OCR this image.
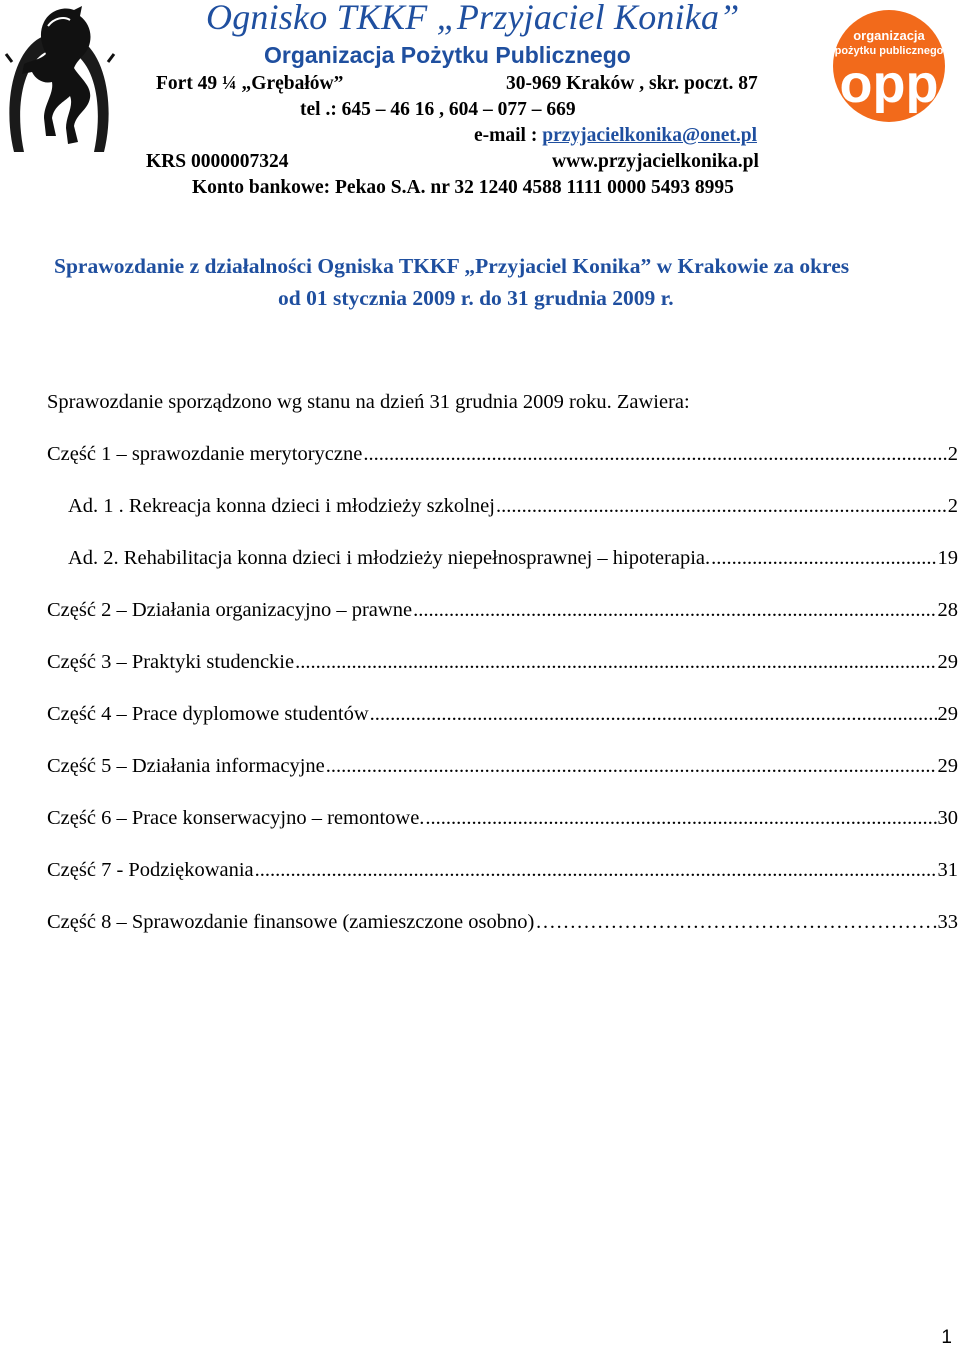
organizacja
pożytku publicznego
opp
Ognisko TKKF „Przyjaciel Konika”
Organizacja Pożytku Publicznego
Fort 49 ¼ „Grębałów”	30-969 Kraków , skr. poczt. 87
tel .: 645 – 46 16 , 604 – 077 – 669
e-mail : przyjacielkonika@onet.pl
KRS 0000007324	www.przyjacielkonika.pl
Konto bankowe: Pekao S.A. nr 32 1240 4588 1111 0000 5493 8995
Sprawozdanie z działalności Ogniska TKKF „Przyjaciel Konika” w Krakowie za okres
od 01 stycznia 2009 r. do 31 grudnia 2009 r.
Sprawozdanie sporządzono wg stanu na dzień 31 grudnia 2009 roku. Zawiera:
Część 1 – sprawozdanie merytoryczne .....	2
Ad. 1 . Rekreacja konna dzieci i młodzieży szkolnej .....	2
Ad. 2. Rehabilitacja konna dzieci i młodzieży niepełnosprawnej – hipoterapia. .....	19
Część 2 – Działania organizacyjno – prawne .....	28
Część 3 – Praktyki studenckie .....	29
Część 4 – Prace dyplomowe studentów .....	29
Część 5 – Działania informacyjne .....	29
Część 6 – Prace konserwacyjno – remontowe. .....	30
Część 7 - Podziękowania .....	31
Część 8 – Sprawozdanie finansowe (zamieszczone osobno) ……………………………………………………………………………………………………………………	33
1
